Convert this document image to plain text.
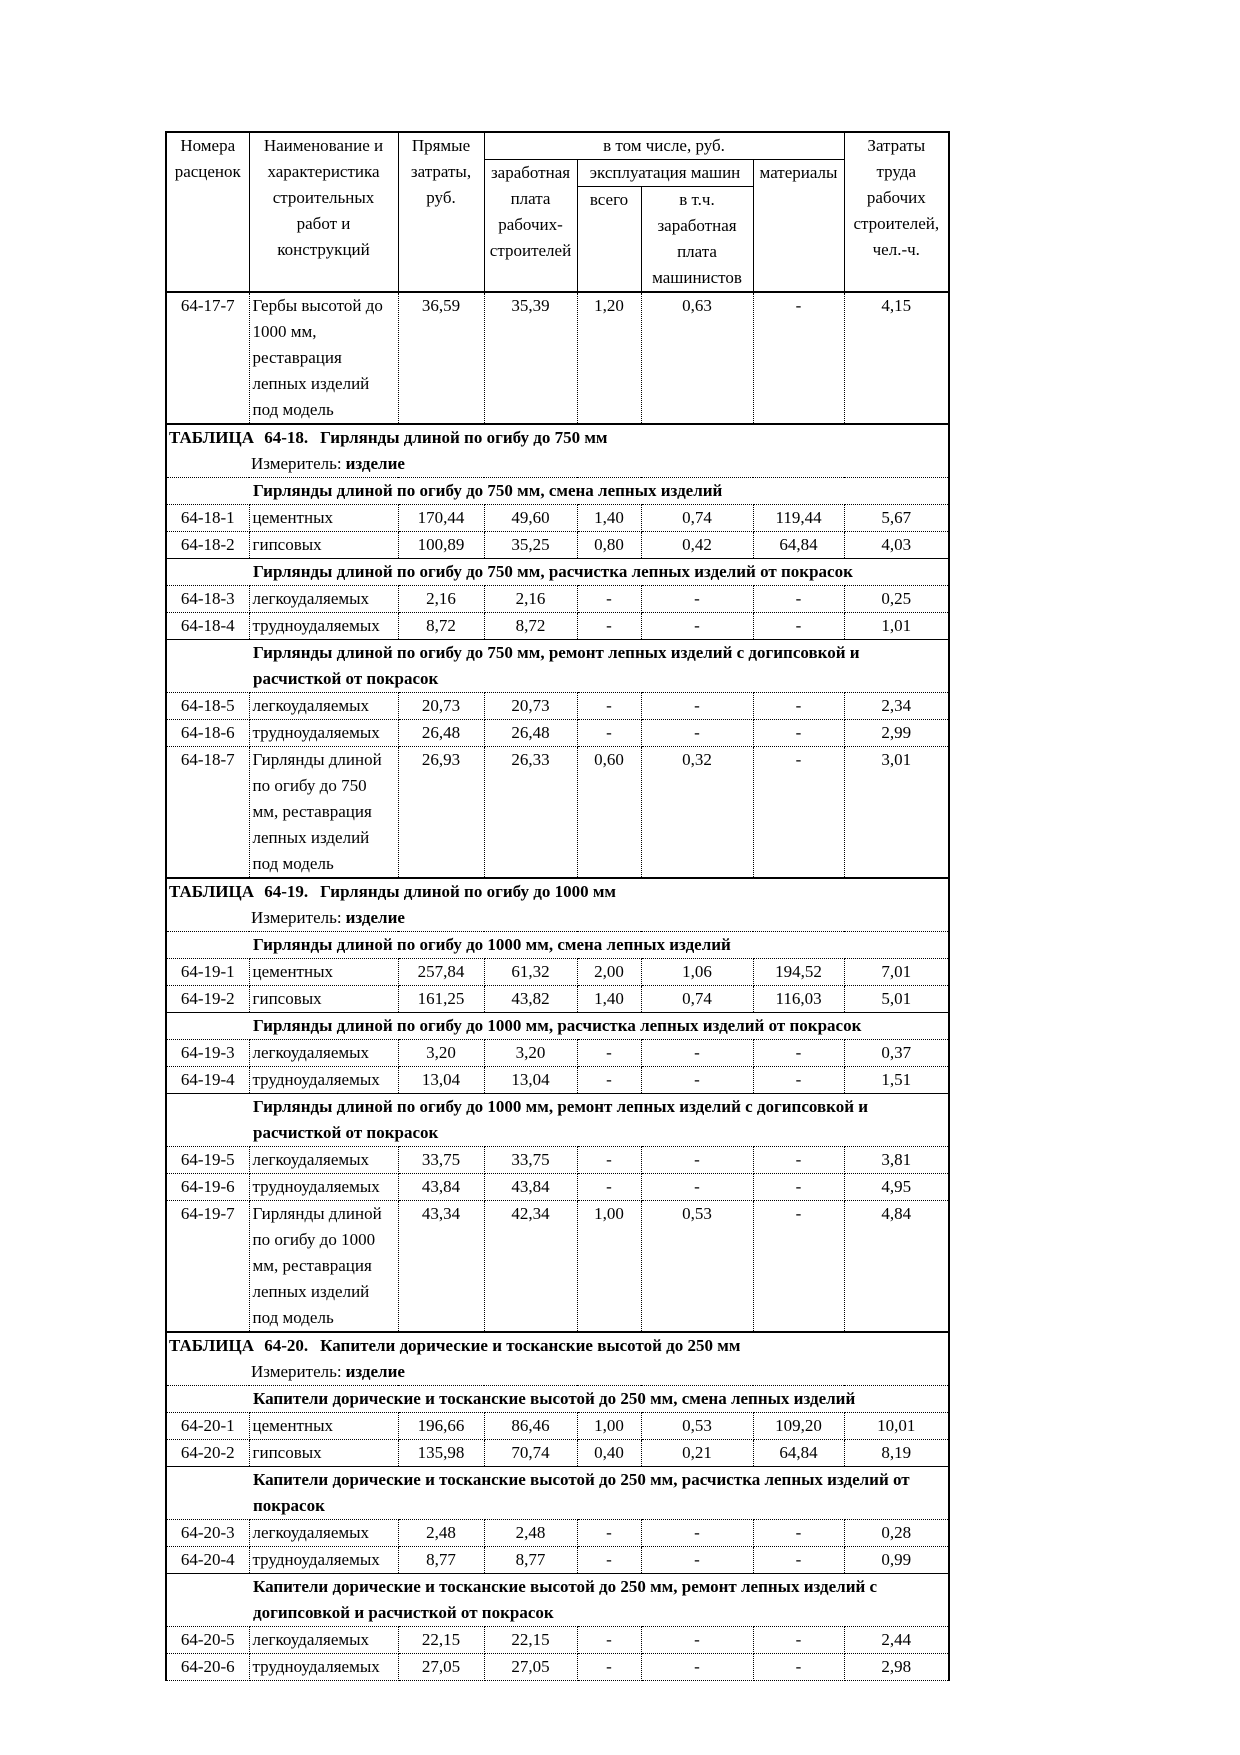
Номера расценок	Наименование и характеристика строительных работ и конструкций	Прямые затраты, руб.	в том числе, руб.				Затраты труда рабочих строителей, чел.-ч.
			заработная плата рабочих-строителей	эксплуатация машин		материалы	
				всего	в т.ч. заработная плата машинистов		
64-17-7	Гербы высотой до 1000 мм, реставрация лепных изделий под модель	36,59	35,39	1,20	0,63	-	4,15
ТАБЛИЦА 64-18. Гирлянды длиной по огибу до 750 мм							
Измеритель: изделие							
Гирлянды длиной по огибу до 750 мм, смена лепных изделий							
64-18-1	цементных	170,44	49,60	1,40	0,74	119,44	5,67
64-18-2	гипсовых	100,89	35,25	0,80	0,42	64,84	4,03
Гирлянды длиной по огибу до 750 мм, расчистка лепных изделий от покрасок							
64-18-3	легкоудаляемых	2,16	2,16	-	-	-	0,25
64-18-4	трудноудаляемых	8,72	8,72	-	-	-	1,01
Гирлянды длиной по огибу до 750 мм, ремонт лепных изделий с догипсовкой и расчисткой от покрасок							
64-18-5	легкоудаляемых	20,73	20,73	-	-	-	2,34
64-18-6	трудноудаляемых	26,48	26,48	-	-	-	2,99
64-18-7	Гирлянды длиной по огибу до 750 мм, реставрация лепных изделий под модель	26,93	26,33	0,60	0,32	-	3,01
ТАБЛИЦА 64-19. Гирлянды длиной по огибу до 1000 мм							
Измеритель: изделие							
Гирлянды длиной по огибу до 1000 мм, смена лепных изделий							
64-19-1	цементных	257,84	61,32	2,00	1,06	194,52	7,01
64-19-2	гипсовых	161,25	43,82	1,40	0,74	116,03	5,01
Гирлянды длиной по огибу до 1000 мм, расчистка лепных изделий от покрасок							
64-19-3	легкоудаляемых	3,20	3,20	-	-	-	0,37
64-19-4	трудноудаляемых	13,04	13,04	-	-	-	1,51
Гирлянды длиной по огибу до 1000 мм, ремонт лепных изделий с догипсовкой и расчисткой от покрасок							
64-19-5	легкоудаляемых	33,75	33,75	-	-	-	3,81
64-19-6	трудноудаляемых	43,84	43,84	-	-	-	4,95
64-19-7	Гирлянды длиной по огибу до 1000 мм, реставрация лепных изделий под модель	43,34	42,34	1,00	0,53	-	4,84
ТАБЛИЦА 64-20. Капители дорические и тосканские высотой до 250 мм							
Измеритель: изделие							
Капители дорические и тосканские высотой до 250 мм, смена лепных изделий							
64-20-1	цементных	196,66	86,46	1,00	0,53	109,20	10,01
64-20-2	гипсовых	135,98	70,74	0,40	0,21	64,84	8,19
Капители дорические и тосканские высотой до 250 мм, расчистка лепных изделий от покрасок							
64-20-3	легкоудаляемых	2,48	2,48	-	-	-	0,28
64-20-4	трудноудаляемых	8,77	8,77	-	-	-	0,99
Капители дорические и тосканские высотой до 250 мм, ремонт лепных изделий с догипсовкой и расчисткой от покрасок							
64-20-5	легкоудаляемых	22,15	22,15	-	-	-	2,44
64-20-6	трудноудаляемых	27,05	27,05	-	-	-	2,98
